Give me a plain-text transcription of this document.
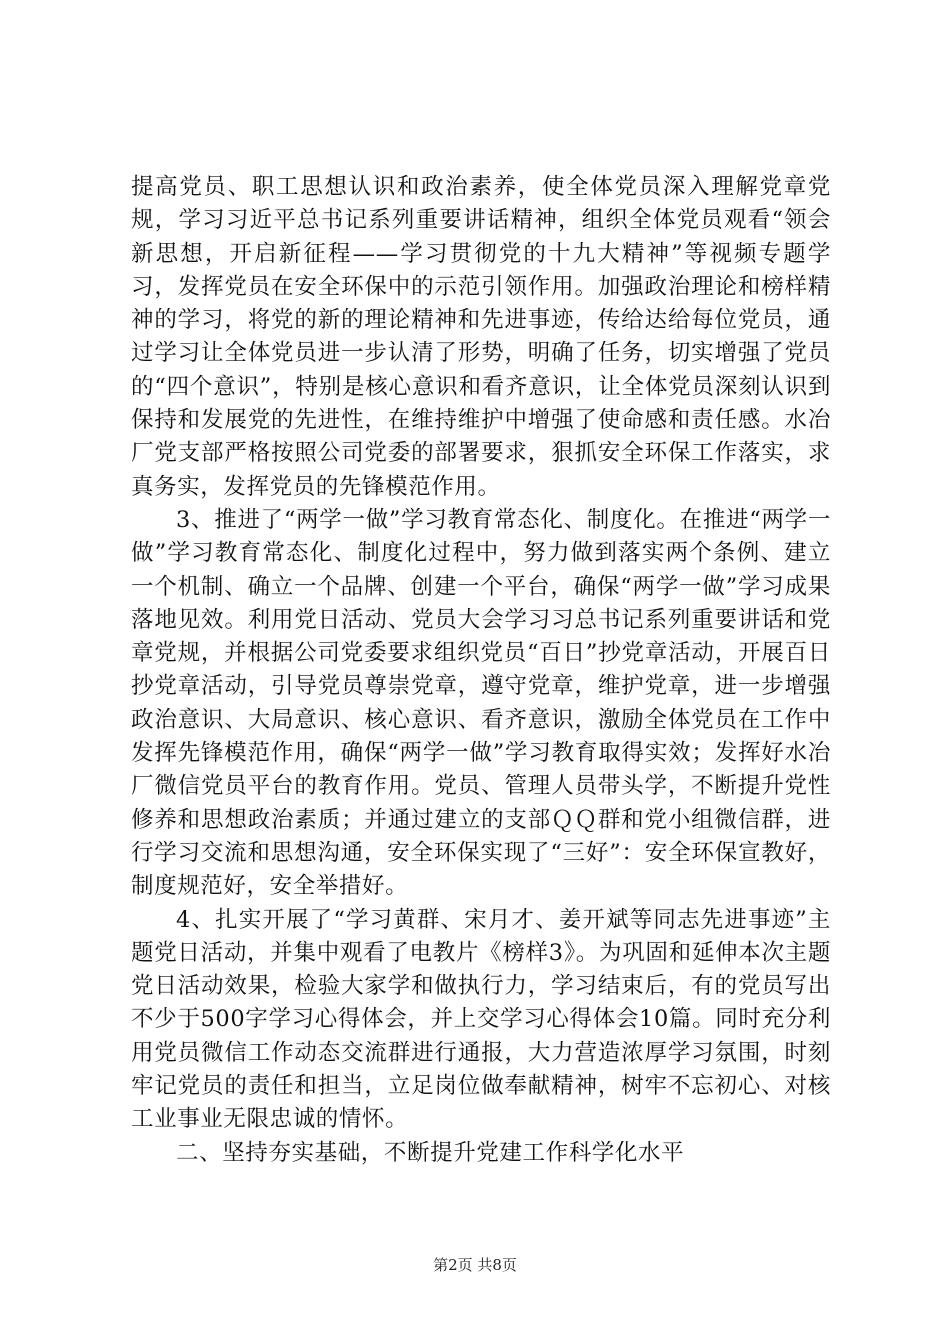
提高党员、职工思想认识和政治素养，使全体党员深入理解党章党规，学习习近平总书记系列重要讲话精神，组织全体党员观看“领会新思想，开启新征程——学习贯彻党的十九大精神”等视频专题学习，发挥党员在安全环保中的示范引领作用。加强政治理论和榜样精神的学习，将党的新的理论精神和先进事迹，传给达给每位党员，通过学习让全体党员进一步认清了形势，明确了任务，切实增强了党员的“四个意识”，特别是核心意识和看齐意识，让全体党员深刻认识到保持和发展党的先进性，在维持维护中增强了使命感和责任感。水冶厂党支部严格按照公司党委的部署要求，狠抓安全环保工作落实，求真务实，发挥党员的先锋模范作用。

3、推进了“两学一做”学习教育常态化、制度化。在推进“两学一做”学习教育常态化、制度化过程中，努力做到落实两个条例、建立一个机制、确立一个品牌、创建一个平台，确保“两学一做”学习成果落地见效。利用党日活动、党员大会学习习总书记系列重要讲话和党章党规，并根据公司党委要求组织党员“百日”抄党章活动，开展百日抄党章活动，引导党员尊崇党章，遵守党章，维护党章，进一步增强政治意识、大局意识、核心意识、看齐意识，激励全体党员在工作中发挥先锋模范作用，确保“两学一做”学习教育取得实效；发挥好水冶厂微信党员平台的教育作用。党员、管理人员带头学，不断提升党性修养和思想政治素质；并通过建立的支部ＱＱ群和党小组微信群，进行学习交流和思想沟通，安全环保实现了“三好”：安全环保宣教好，制度规范好，安全举措好。

4、扎实开展了“学习黄群、宋月才、姜开斌等同志先进事迹”主题党日活动，并集中观看了电教片《榜样3》。为巩固和延伸本次主题党日活动效果，检验大家学和做执行力，学习结束后，有的党员写出不少于500字学习心得体会，并上交学习心得体会10篇。同时充分利用党员微信工作动态交流群进行通报，大力营造浓厚学习氛围，时刻牢记党员的责任和担当，立足岗位做奉献精神，树牢不忘初心、对核工业事业无限忠诚的情怀。

二、坚持夯实基础，不断提升党建工作科学化水平

第2页 共8页
